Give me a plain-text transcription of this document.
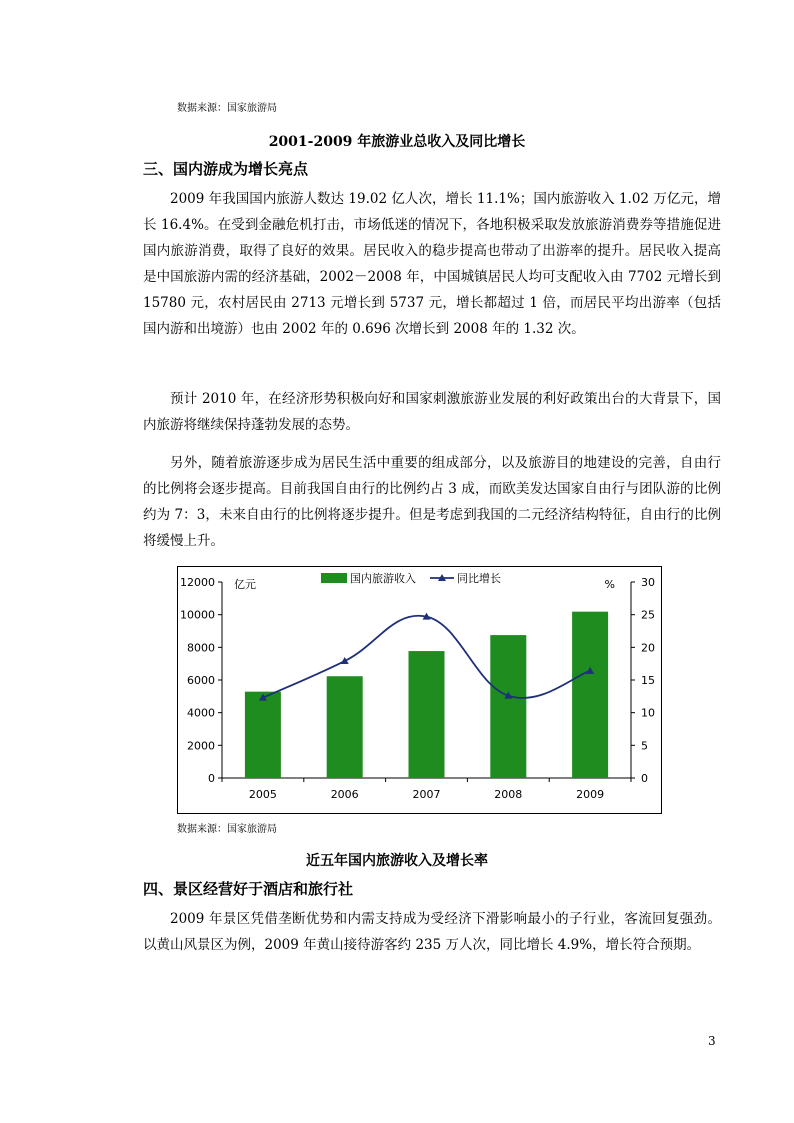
数据来源：国家旅游局
2001-2009 年旅游业总收入及同比增长
三、国内游成为增长亮点

2009 年我国国内旅游人数达 19.02 亿人次，增长 11.1%；国内旅游收入 1.02 万亿元，增长 16.4%。在受到金融危机打击，市场低迷的情况下，各地积极采取发放旅游消费券等措施促进国内旅游消费，取得了良好的效果。居民收入的稳步提高也带动了出游率的提升。居民收入提高是中国旅游内需的经济基础，2002－2008 年，中国城镇居民人均可支配收入由 7702 元增长到 15780 元，农村居民由 2713 元增长到 5737 元，增长都超过 1 倍，而居民平均出游率（包括国内游和出境游）也由 2002 年的 0.696 次增长到 2008 年的 1.32 次。

预计 2010 年，在经济形势积极向好和国家刺激旅游业发展的利好政策出台的大背景下，国内旅游将继续保持蓬勃发展的态势。

另外，随着旅游逐步成为居民生活中重要的组成部分，以及旅游目的地建设的完善，自由行的比例将会逐步提高。目前我国自由行的比例约占 3 成，而欧美发达国家自由行与团队游的比例约为 7：3，未来自由行的比例将逐步提升。但是考虑到我国的二元经济结构特征，自由行的比例将缓慢上升。

0
2000
4000
6000
8000
10000
12000
0
5
10
15
20
25
30
2005	2006	2007	2008	2009
亿元	%
国内旅游收入	同比增长
数据来源：国家旅游局
近五年国内旅游收入及增长率
四、景区经营好于酒店和旅行社

2009 年景区凭借垄断优势和内需支持成为受经济下滑影响最小的子行业，客流回复强劲。以黄山风景区为例，2009 年黄山接待游客约 235 万人次，同比增长 4.9%，增长符合预期。

3
